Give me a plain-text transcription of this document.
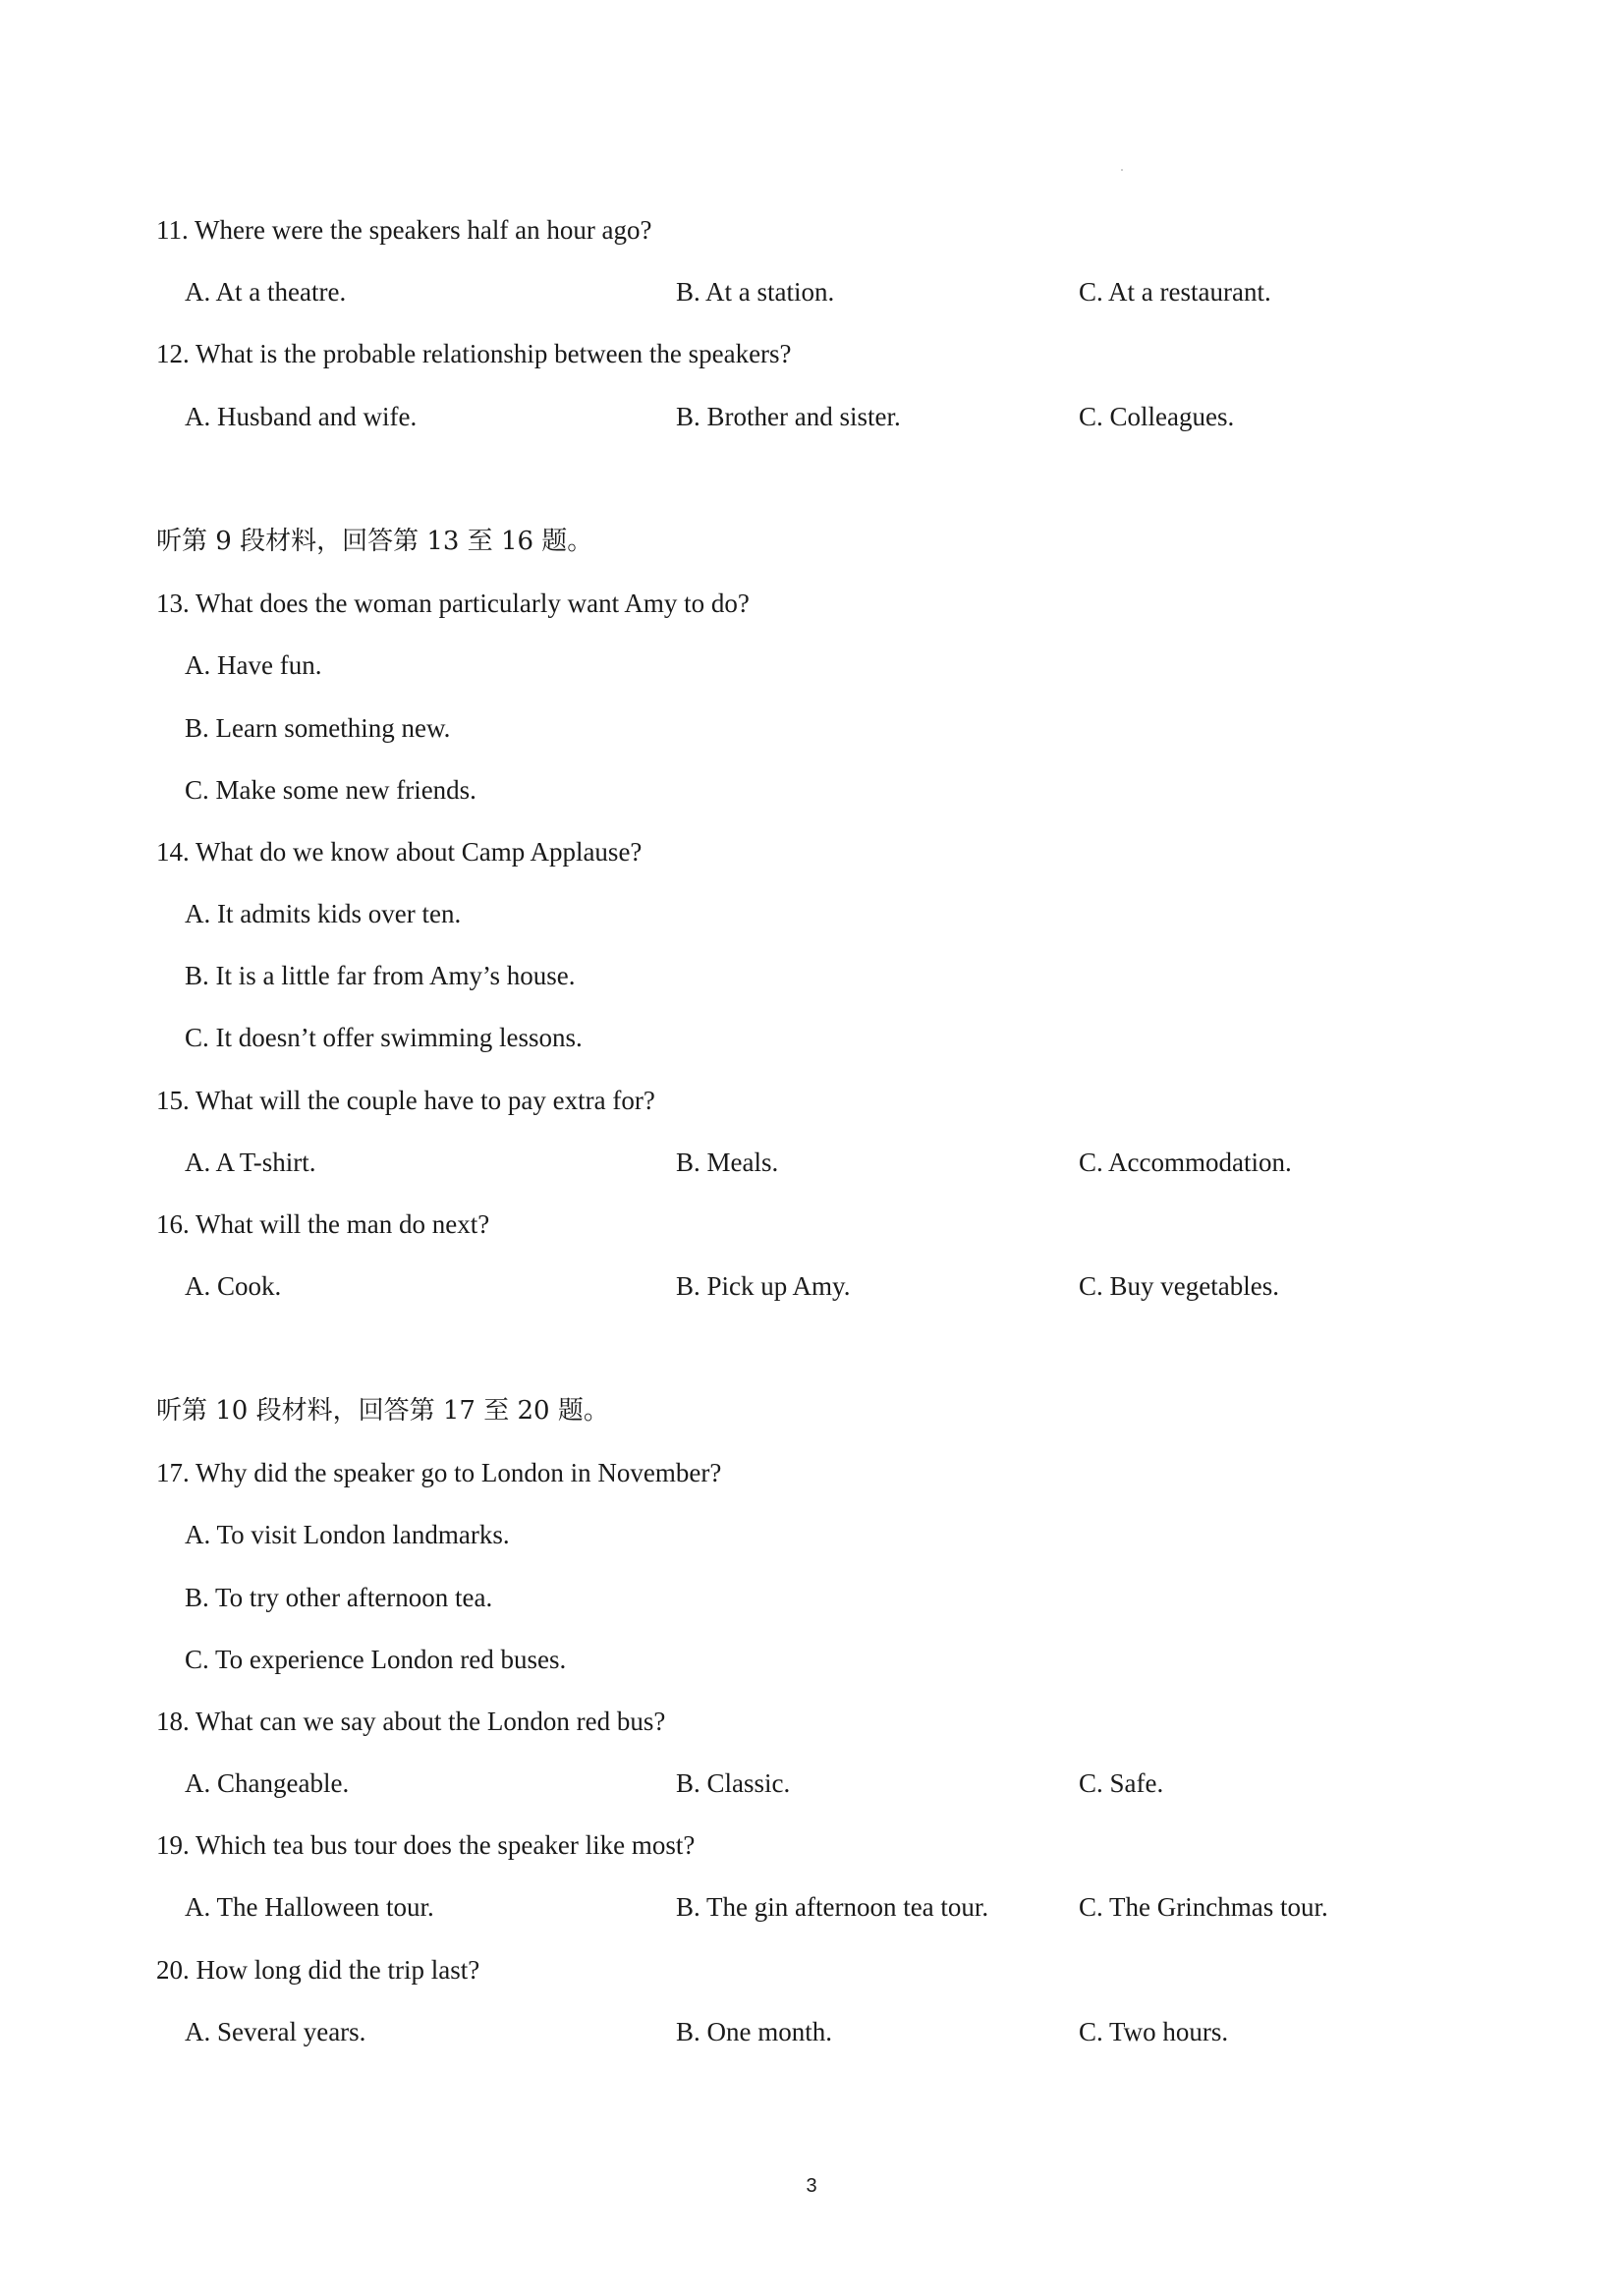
11. Where were the speakers half an hour ago?
A. At a theatre.	B. At a station.	C. At a restaurant.
12. What is the probable relationship between the speakers?
A. Husband and wife.	B. Brother and sister.	C. Colleagues.
听第 9 段材料，回答第 13 至 16 题。
13. What does the woman particularly want Amy to do?
A. Have fun.
B. Learn something new.
C. Make some new friends.
14. What do we know about Camp Applause?
A. It admits kids over ten.
B. It is a little far from Amy’s house.
C. It doesn’t offer swimming lessons.
15. What will the couple have to pay extra for?
A. A T-shirt.	B. Meals.	C. Accommodation.
16. What will the man do next?
A. Cook.	B. Pick up Amy.	C. Buy vegetables.
听第 10 段材料，回答第 17 至 20 题。
17. Why did the speaker go to London in November?
A. To visit London landmarks.
B. To try other afternoon tea.
C. To experience London red buses.
18. What can we say about the London red bus?
A. Changeable.	B. Classic.	C. Safe.
19. Which tea bus tour does the speaker like most?
A. The Halloween tour.	B. The gin afternoon tea tour.	C. The Grinchmas tour.
20. How long did the trip last?
A. Several years.	B. One month.	C. Two hours.
3
